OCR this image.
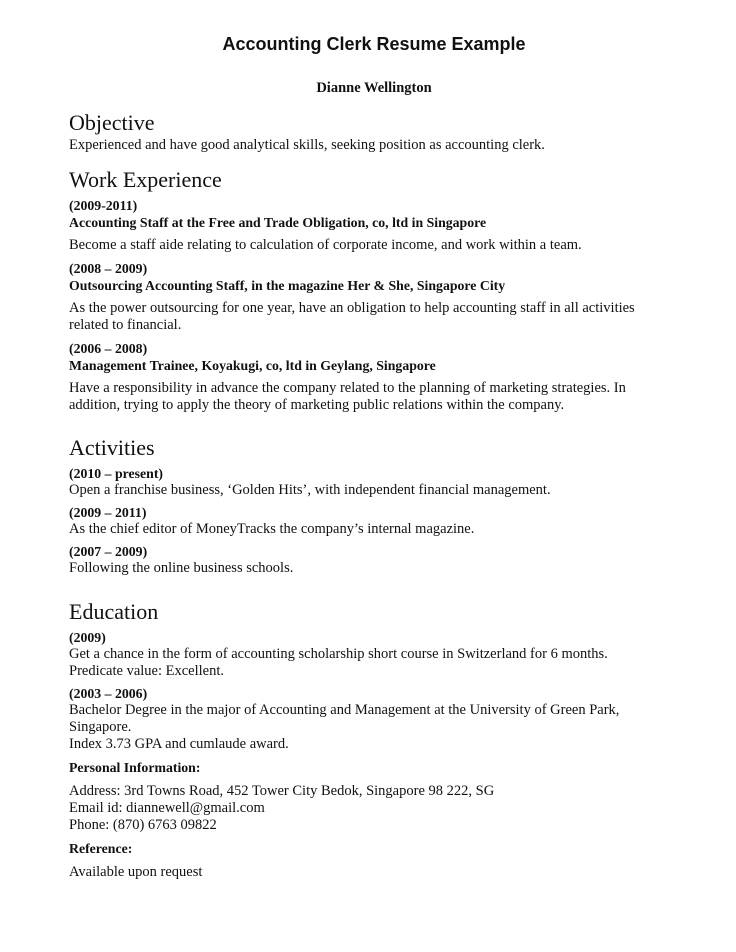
Accounting Clerk Resume Example
Dianne Wellington
Objective

Experienced and have good analytical skills, seeking position as accounting clerk.

Work Experience

(2009-2011)

Accounting Staff at the Free and Trade Obligation, co, ltd in Singapore

Become a staff aide relating to calculation of corporate income, and work within a team.

(2008 – 2009)

Outsourcing Accounting Staff, in the magazine Her & She, Singapore City

As the power outsourcing for one year, have an obligation to help accounting staff in all activities

related to financial.

(2006 – 2008)

Management Trainee, Koyakugi, co, ltd in Geylang, Singapore

Have a responsibility in advance the company related to the planning of marketing strategies. In

addition, trying to apply the theory of marketing public relations within the company.

Activities

(2010 – present)

Open a franchise business, ‘Golden Hits’, with independent financial management.

(2009 – 2011)

As the chief editor of MoneyTracks the company’s internal magazine.

(2007 – 2009)

Following the online business schools.

Education

(2009)

Get a chance in the form of accounting scholarship short course in Switzerland for 6 months.

Predicate value: Excellent.

(2003 – 2006)

Bachelor Degree in the major of Accounting and Management at the University of Green Park,

Singapore.

Index 3.73 GPA and cumlaude award.

Personal Information:

Address: 3rd Towns Road, 452 Tower City Bedok, Singapore 98 222, SG
Email id: diannewell@gmail.com
Phone: (870) 6763 09822

Reference:

Available upon request
